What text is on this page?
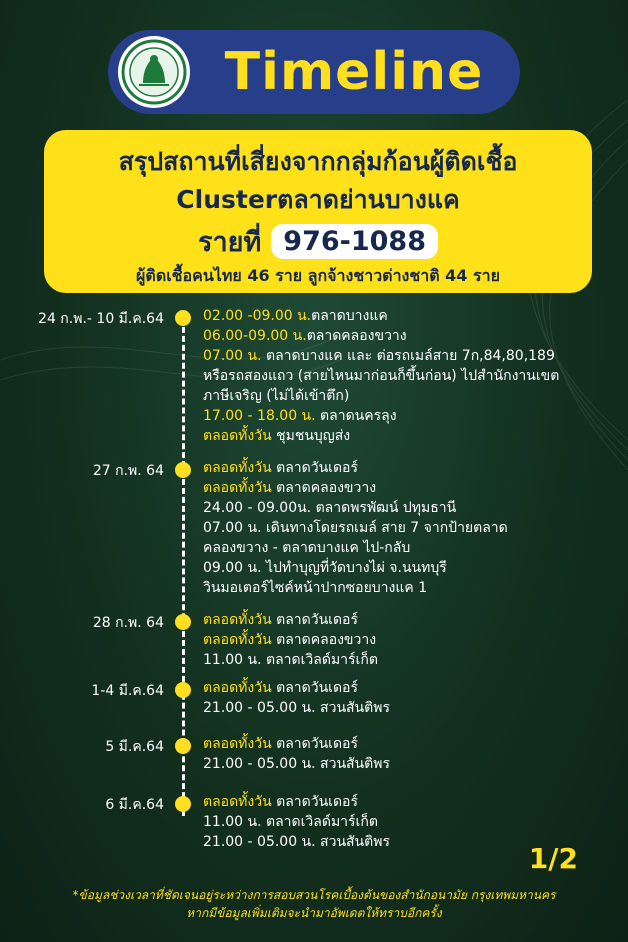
Timeline
สรุปสถานที่เสี่ยงจากกลุ่มก้อนผู้ติดเชื้อ
Clusterตลาดย่านบางแค
รายที่ 976-1088
ผู้ติดเชื้อคนไทย 46 ราย ลูกจ้างชาวต่างชาติ 44 ราย
24 ก.พ.- 10 มี.ค.64	02.00 -09.00 น.ตลาดบางแค
06.00-09.00 น.ตลาดคลองขวาง
07.00 น. ตลาดบางแค และ ต่อรถเมล์สาย 7ก,84,80,189
หรือรถสองแถว (สายไหนมาก่อนก็ขึ้นก่อน) ไปสำนักงานเขต
ภาษีเจริญ (ไม่ได้เข้าตึก)
17.00 - 18.00 น. ตลาดนครลุง
ตลอดทั้งวัน ชุมชนบุญส่ง
27 ก.พ. 64	ตลอดทั้งวัน ตลาดวันเดอร์
ตลอดทั้งวัน ตลาดคลองขวาง
24.00 - 09.00น. ตลาดพรพัฒน์ ปทุมธานี
07.00 น. เดินทางโดยรถเมล์ สาย 7 จากป้ายตลาด
คลองขวาง - ตลาดบางแค ไป-กลับ
09.00 น. ไปทำบุญที่วัดบางไผ่ จ.นนทบุรี
วินมอเตอร์ไซค์หน้าปากซอยบางแค 1
28 ก.พ. 64	ตลอดทั้งวัน ตลาดวันเดอร์
ตลอดทั้งวัน ตลาดคลองขวาง
11.00 น. ตลาดเวิลด์มาร์เก็ต
1-4 มี.ค.64	ตลอดทั้งวัน ตลาดวันเดอร์
21.00 - 05.00 น. สวนสันติพร
5 มี.ค.64	ตลอดทั้งวัน ตลาดวันเดอร์
21.00 - 05.00 น. สวนสันติพร
6 มี.ค.64	ตลอดทั้งวัน ตลาดวันเดอร์
11.00 น. ตลาดเวิลด์มาร์เก็ต
21.00 - 05.00 น. สวนสันติพร	1/2
*ข้อมูลช่วงเวลาที่ชัดเจนอยู่ระหว่างการสอบสวนโรคเบื้องต้นของสำนักอนามัย กรุงเทพมหานคร
หากมีข้อมูลเพิ่มเติมจะนำมาอัพเดตให้ทราบอีกครั้ง
